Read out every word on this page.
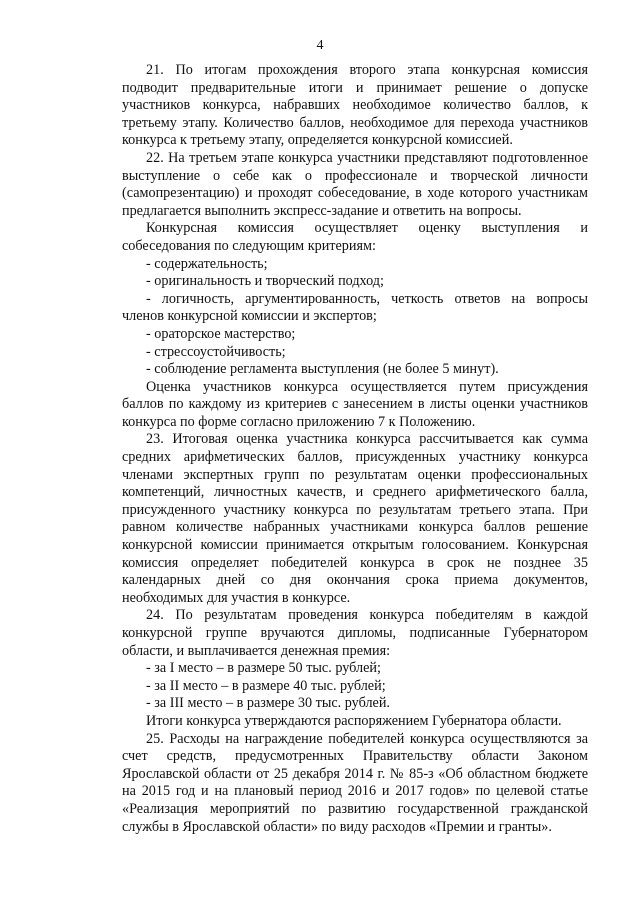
4

21. По итогам прохождения второго этапа конкурсная комиссия подводит предварительные итоги и принимает решение о допуске участников конкурса, набравших необходимое количество баллов, к третьему этапу. Количество баллов, необходимое для перехода участников конкурса к третьему этапу, определяется конкурсной комиссией.

22. На третьем этапе конкурса участники представляют подготовленное выступление о себе как о профессионале и творческой личности (самопрезентацию) и проходят собеседование, в ходе которого участникам предлагается выполнить экспресс-задание и ответить на вопросы.

Конкурсная комиссия осуществляет оценку выступления и собеседования по следующим критериям:

- содержательность;

- оригинальность и творческий подход;

- логичность, аргументированность, четкость ответов на вопросы членов конкурсной комиссии и экспертов;

- ораторское мастерство;

- стрессоустойчивость;

- соблюдение регламента выступления (не более 5 минут).

Оценка участников конкурса осуществляется путем присуждения баллов по каждому из критериев с занесением в листы оценки участников конкурса по форме согласно приложению 7 к Положению.

23. Итоговая оценка участника конкурса рассчитывается как сумма средних арифметических баллов, присужденных участнику конкурса членами экспертных групп по результатам оценки профессиональных компетенций, личностных качеств, и среднего арифметического балла, присужденного участнику конкурса по результатам третьего этапа. При равном количестве набранных участниками конкурса баллов решение конкурсной комиссии принимается открытым голосованием. Конкурсная комиссия определяет победителей конкурса в срок не позднее 35 календарных дней со дня окончания срока приема документов, необходимых для участия в конкурсе.

24. По результатам проведения конкурса победителям в каждой конкурсной группе вручаются дипломы, подписанные Губернатором области, и выплачивается денежная премия:

- за I место – в размере 50 тыс. рублей;

- за II место – в размере 40 тыс. рублей;

- за III место – в размере 30 тыс. рублей.

Итоги конкурса утверждаются распоряжением Губернатора области.

25. Расходы на награждение победителей конкурса осуществляются за счет средств, предусмотренных Правительству области Законом Ярославской области от 25 декабря 2014 г. № 85-з «Об областном бюджете на 2015 год и на плановый период 2016 и 2017 годов» по целевой статье «Реализация мероприятий по развитию государственной гражданской службы в Ярославской области» по виду расходов «Премии и гранты».
